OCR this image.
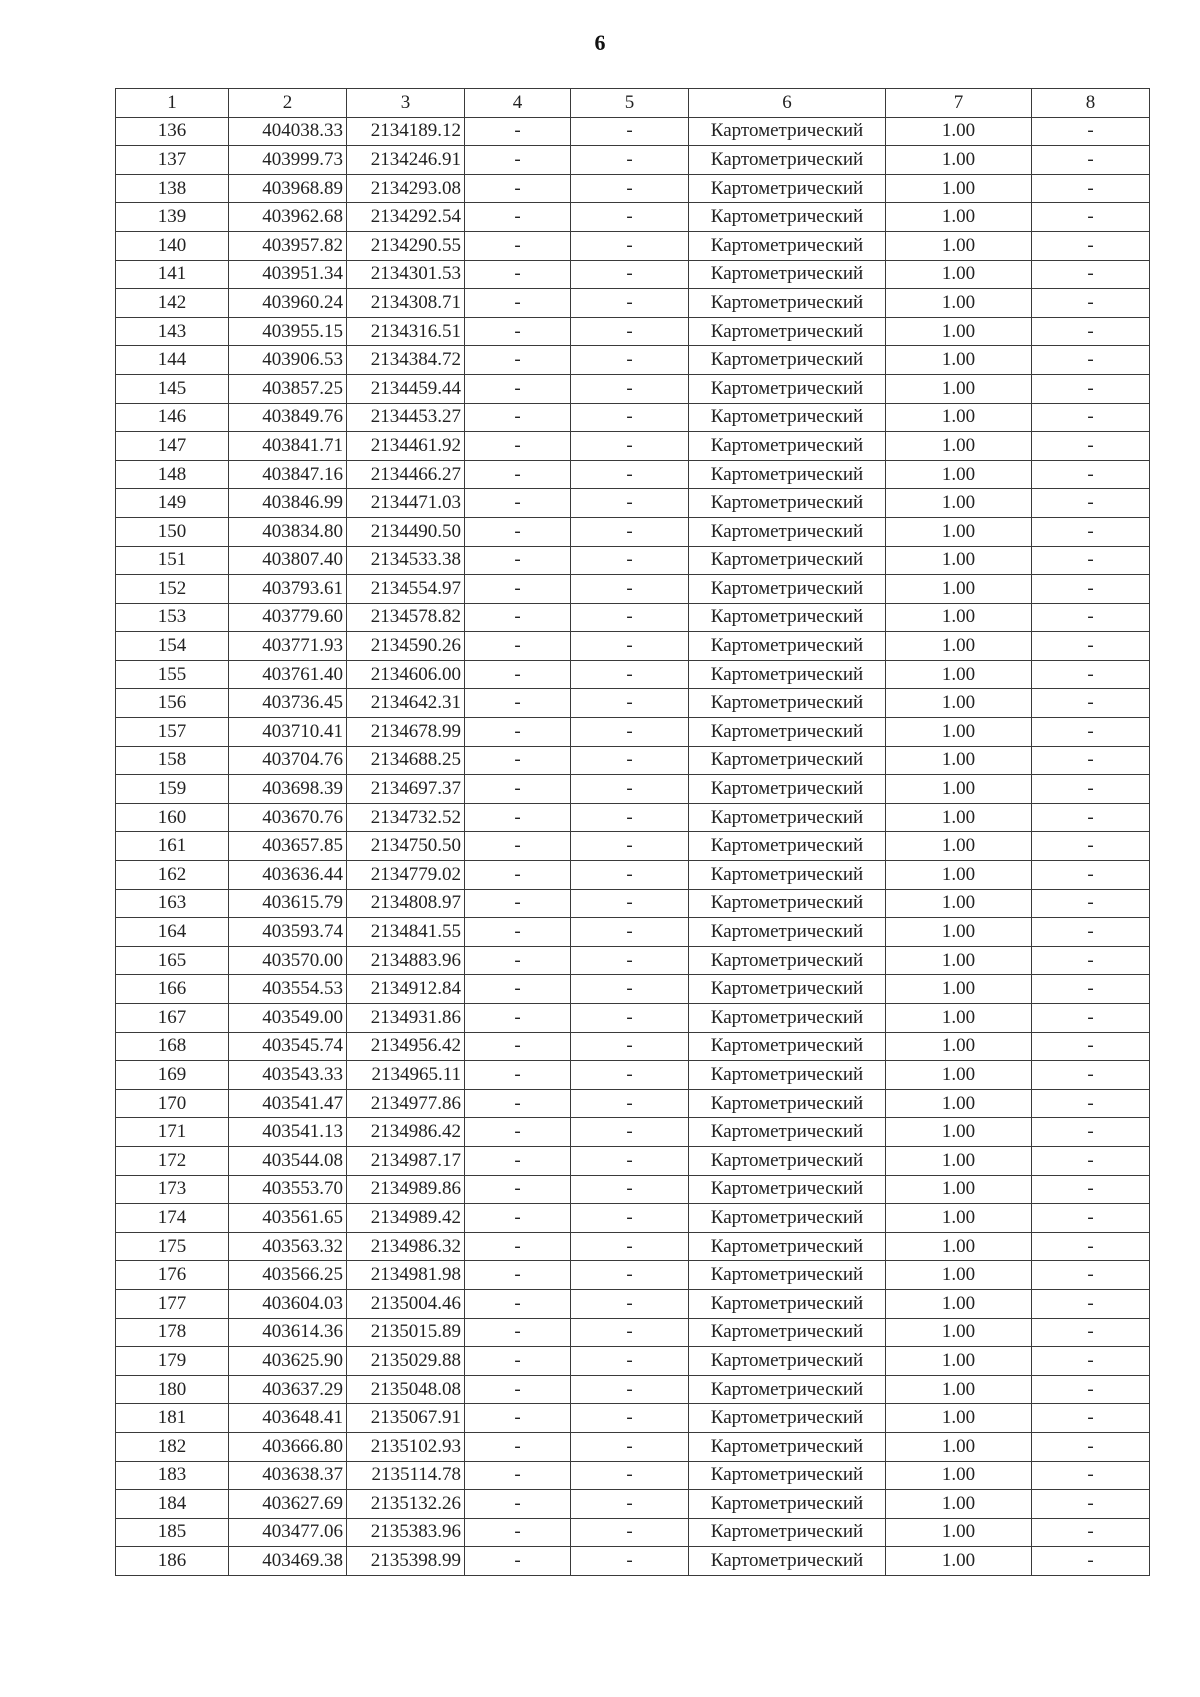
6
1	2	3	4	5	6	7	8
136	404038.33	2134189.12	-	-	Картометрический	1.00	-
137	403999.73	2134246.91	-	-	Картометрический	1.00	-
138	403968.89	2134293.08	-	-	Картометрический	1.00	-
139	403962.68	2134292.54	-	-	Картометрический	1.00	-
140	403957.82	2134290.55	-	-	Картометрический	1.00	-
141	403951.34	2134301.53	-	-	Картометрический	1.00	-
142	403960.24	2134308.71	-	-	Картометрический	1.00	-
143	403955.15	2134316.51	-	-	Картометрический	1.00	-
144	403906.53	2134384.72	-	-	Картометрический	1.00	-
145	403857.25	2134459.44	-	-	Картометрический	1.00	-
146	403849.76	2134453.27	-	-	Картометрический	1.00	-
147	403841.71	2134461.92	-	-	Картометрический	1.00	-
148	403847.16	2134466.27	-	-	Картометрический	1.00	-
149	403846.99	2134471.03	-	-	Картометрический	1.00	-
150	403834.80	2134490.50	-	-	Картометрический	1.00	-
151	403807.40	2134533.38	-	-	Картометрический	1.00	-
152	403793.61	2134554.97	-	-	Картометрический	1.00	-
153	403779.60	2134578.82	-	-	Картометрический	1.00	-
154	403771.93	2134590.26	-	-	Картометрический	1.00	-
155	403761.40	2134606.00	-	-	Картометрический	1.00	-
156	403736.45	2134642.31	-	-	Картометрический	1.00	-
157	403710.41	2134678.99	-	-	Картометрический	1.00	-
158	403704.76	2134688.25	-	-	Картометрический	1.00	-
159	403698.39	2134697.37	-	-	Картометрический	1.00	-
160	403670.76	2134732.52	-	-	Картометрический	1.00	-
161	403657.85	2134750.50	-	-	Картометрический	1.00	-
162	403636.44	2134779.02	-	-	Картометрический	1.00	-
163	403615.79	2134808.97	-	-	Картометрический	1.00	-
164	403593.74	2134841.55	-	-	Картометрический	1.00	-
165	403570.00	2134883.96	-	-	Картометрический	1.00	-
166	403554.53	2134912.84	-	-	Картометрический	1.00	-
167	403549.00	2134931.86	-	-	Картометрический	1.00	-
168	403545.74	2134956.42	-	-	Картометрический	1.00	-
169	403543.33	2134965.11	-	-	Картометрический	1.00	-
170	403541.47	2134977.86	-	-	Картометрический	1.00	-
171	403541.13	2134986.42	-	-	Картометрический	1.00	-
172	403544.08	2134987.17	-	-	Картометрический	1.00	-
173	403553.70	2134989.86	-	-	Картометрический	1.00	-
174	403561.65	2134989.42	-	-	Картометрический	1.00	-
175	403563.32	2134986.32	-	-	Картометрический	1.00	-
176	403566.25	2134981.98	-	-	Картометрический	1.00	-
177	403604.03	2135004.46	-	-	Картометрический	1.00	-
178	403614.36	2135015.89	-	-	Картометрический	1.00	-
179	403625.90	2135029.88	-	-	Картометрический	1.00	-
180	403637.29	2135048.08	-	-	Картометрический	1.00	-
181	403648.41	2135067.91	-	-	Картометрический	1.00	-
182	403666.80	2135102.93	-	-	Картометрический	1.00	-
183	403638.37	2135114.78	-	-	Картометрический	1.00	-
184	403627.69	2135132.26	-	-	Картометрический	1.00	-
185	403477.06	2135383.96	-	-	Картометрический	1.00	-
186	403469.38	2135398.99	-	-	Картометрический	1.00	-
